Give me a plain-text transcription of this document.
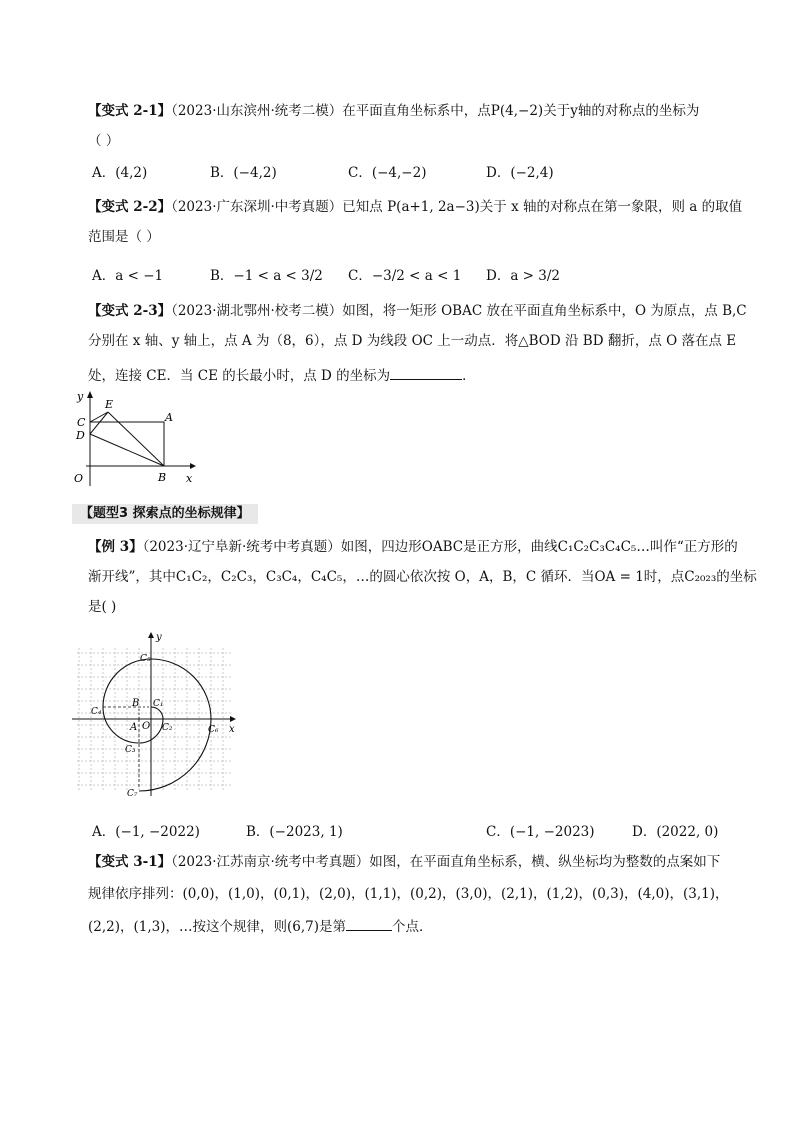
【变式 2-1】（2023·山东滨州·统考二模）在平面直角坐标系中，点P(4,−2)关于y轴的对称点的坐标为
（ ）
A．(4,2)	B．(−4,2)	C．(−4,−2)	D．(−2,4)
【变式 2-2】（2023·广东深圳·中考真题）已知点 P(a+1, 2a−3)关于 x 轴的对称点在第一象限，则 a 的取值
范围是（ ）
A．a < −1	B．−1 < a < 3/2 C．−3/2 < a < 1 D．a > 3/2
【变式 2-3】（2023·湖北鄂州·校考二模）如图，将一矩形 OBAC 放在平面直角坐标系中，O 为原点，点 B,C
分别在 x 轴、y 轴上，点 A 为（8，6），点 D 为线段 OC 上一动点．将△BOD 沿 BD 翻折，点 O 落在点 E
处，连接 CE．当 CE 的长最小时，点 D 的坐标为	．
y
x
O
C
D
E
A
B
【题型3 探索点的坐标规律】
【例 3】（2023·辽宁阜新·统考中考真题）如图，四边形OABC是正方形，曲线C₁C₂C₃C₄C₅…叫作“正方形的
渐开线”，其中C₁C₂，C₂C₃，C₃C₄，C₄C₅，…的圆心依次按 O，A，B，C 循环．当OA = 1时，点C₂₀₂₃的坐标
是( )
y
x
O
A
B C₁
C₂
C₃
C₄
C₅
C₆
C₇
A．(−1, −2022)	B．(−2023, 1)	C．(−1, −2023)	D．(2022, 0)
【变式 3-1】（2023·江苏南京·统考中考真题）如图，在平面直角坐标系，横、纵坐标均为整数的点案如下
规律依序排列：(0,0)，(1,0)，(0,1)，(2,0)，(1,1)，(0,2)，(3,0)，(2,1)，(1,2)，(0,3)，(4,0)，(3,1)，
(2,2)，(1,3)，…按这个规律，则(6,7)是第	个点．
